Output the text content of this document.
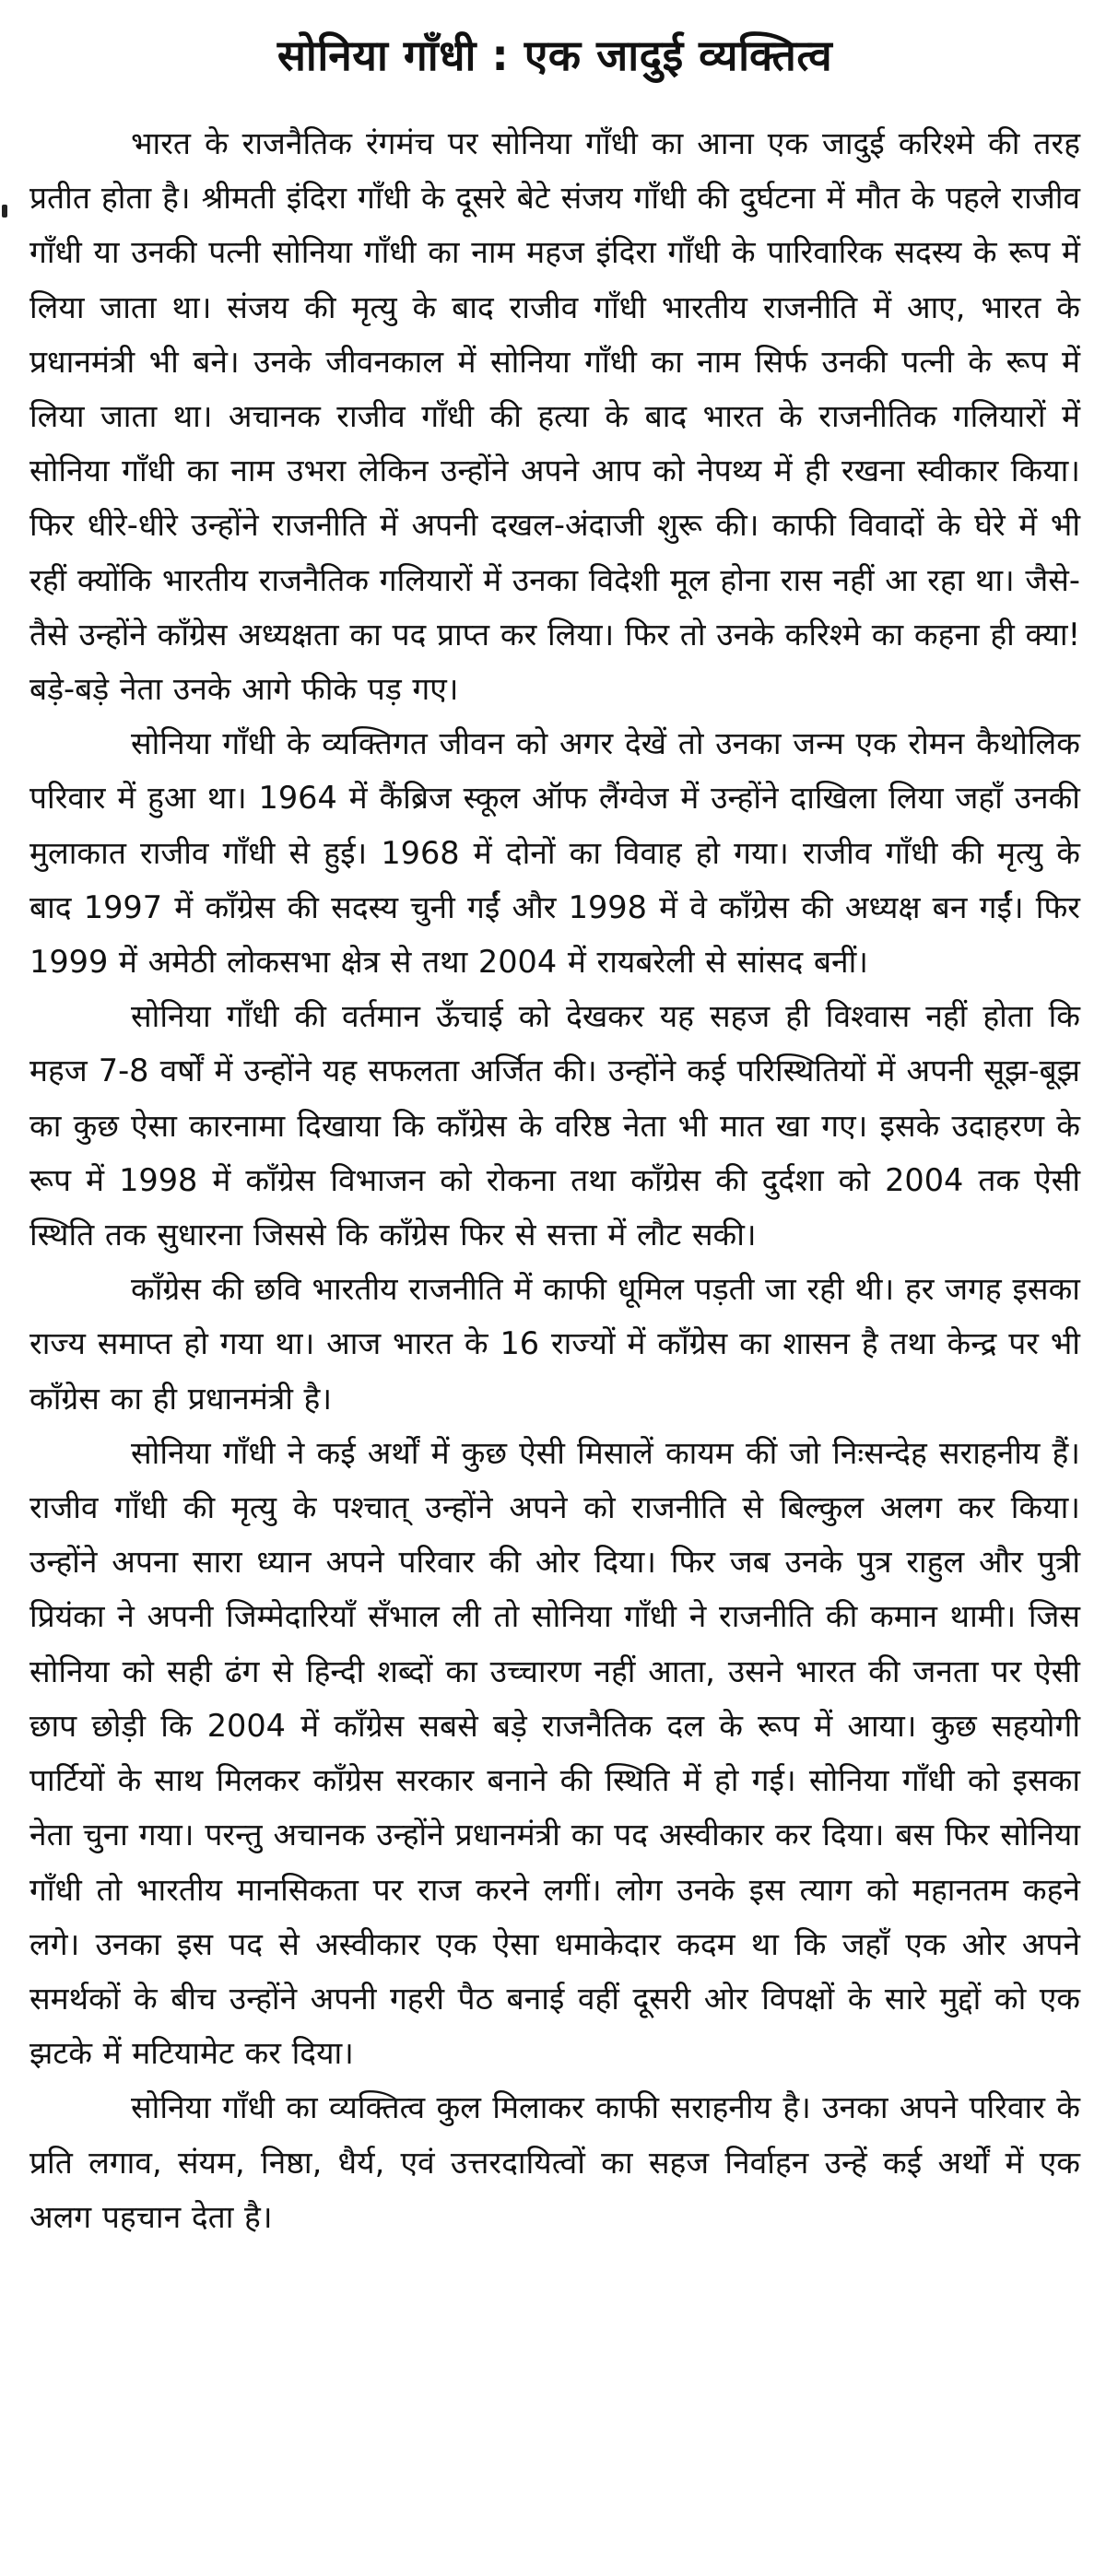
सोनिया गाँधी : एक जादुई व्यक्तित्व

भारत के राजनैतिक रंगमंच पर सोनिया गाँधी का आना एक जादुई करिश्मे की तरह प्रतीत होता है। श्रीमती इंदिरा गाँधी के दूसरे बेटे संजय गाँधी की दुर्घटना में मौत के पहले राजीव गाँधी या उनकी पत्नी सोनिया गाँधी का नाम महज इंदिरा गाँधी के पारिवारिक सदस्य के रूप में लिया जाता था। संजय की मृत्यु के बाद राजीव गाँधी भारतीय राजनीति में आए, भारत के प्रधानमंत्री भी बने। उनके जीवनकाल में सोनिया गाँधी का नाम सिर्फ उनकी पत्नी के रूप में लिया जाता था। अचानक राजीव गाँधी की हत्या के बाद भारत के राजनीतिक गलियारों में सोनिया गाँधी का नाम उभरा लेकिन उन्होंने अपने आप को नेपथ्य में ही रखना स्वीकार किया। फिर धीरे-धीरे उन्होंने राजनीति में अपनी दखल-अंदाजी शुरू की। काफी विवादों के घेरे में भी रहीं क्योंकि भारतीय राजनैतिक गलियारों में उनका विदेशी मूल होना रास नहीं आ रहा था। जैसे-तैसे उन्होंने काँग्रेस अध्यक्षता का पद प्राप्त कर लिया। फिर तो उनके करिश्मे का कहना ही क्या! बड़े-बड़े नेता उनके आगे फीके पड़ गए।

सोनिया गाँधी के व्यक्तिगत जीवन को अगर देखें तो उनका जन्म एक रोमन कैथोलिक परिवार में हुआ था। 1964 में कैंब्रिज स्कूल ऑफ लैंग्वेज में उन्होंने दाखिला लिया जहाँ उनकी मुलाकात राजीव गाँधी से हुई। 1968 में दोनों का विवाह हो गया। राजीव गाँधी की मृत्यु के बाद 1997 में काँग्रेस की सदस्य चुनी गईं और 1998 में वे काँग्रेस की अध्यक्ष बन गईं। फिर 1999 में अमेठी लोकसभा क्षेत्र से तथा 2004 में रायबरेली से सांसद बनीं।

सोनिया गाँधी की वर्तमान ऊँचाई को देखकर यह सहज ही विश्वास नहीं होता कि महज 7-8 वर्षों में उन्होंने यह सफलता अर्जित की। उन्होंने कई परिस्थितियों में अपनी सूझ-बूझ का कुछ ऐसा कारनामा दिखाया कि काँग्रेस के वरिष्ठ नेता भी मात खा गए। इसके उदाहरण के रूप में 1998 में काँग्रेस विभाजन को रोकना तथा काँग्रेस की दुर्दशा को 2004 तक ऐसी स्थिति तक सुधारना जिससे कि काँग्रेस फिर से सत्ता में लौट सकी।

काँग्रेस की छवि भारतीय राजनीति में काफी धूमिल पड़ती जा रही थी। हर जगह इसका राज्य समाप्त हो गया था। आज भारत के 16 राज्यों में काँग्रेस का शासन है तथा केन्द्र पर भी काँग्रेस का ही प्रधानमंत्री है।

सोनिया गाँधी ने कई अर्थों में कुछ ऐसी मिसालें कायम कीं जो निःसन्देह सराहनीय हैं। राजीव गाँधी की मृत्यु के पश्चात् उन्होंने अपने को राजनीति से बिल्कुल अलग कर किया। उन्होंने अपना सारा ध्यान अपने परिवार की ओर दिया। फिर जब उनके पुत्र राहुल और पुत्री प्रियंका ने अपनी जिम्मेदारियाँ सँभाल ली तो सोनिया गाँधी ने राजनीति की कमान थामी। जिस सोनिया को सही ढंग से हिन्दी शब्दों का उच्चारण नहीं आता, उसने भारत की जनता पर ऐसी छाप छोड़ी कि 2004 में काँग्रेस सबसे बड़े राजनैतिक दल के रूप में आया। कुछ सहयोगी पार्टियों के साथ मिलकर काँग्रेस सरकार बनाने की स्थिति में हो गई। सोनिया गाँधी को इसका नेता चुना गया। परन्तु अचानक उन्होंने प्रधानमंत्री का पद अस्वीकार कर दिया। बस फिर सोनिया गाँधी तो भारतीय मानसिकता पर राज करने लगीं। लोग उनके इस त्याग को महानतम कहने लगे। उनका इस पद से अस्वीकार एक ऐसा धमाकेदार कदम था कि जहाँ एक ओर अपने समर्थकों के बीच उन्होंने अपनी गहरी पैठ बनाई वहीं दूसरी ओर विपक्षों के सारे मुद्दों को एक झटके में मटियामेट कर दिया।

सोनिया गाँधी का व्यक्तित्व कुल मिलाकर काफी सराहनीय है। उनका अपने परिवार के प्रति लगाव, संयम, निष्ठा, धैर्य, एवं उत्तरदायित्वों का सहज निर्वाहन उन्हें कई अर्थों में एक अलग पहचान देता है।
